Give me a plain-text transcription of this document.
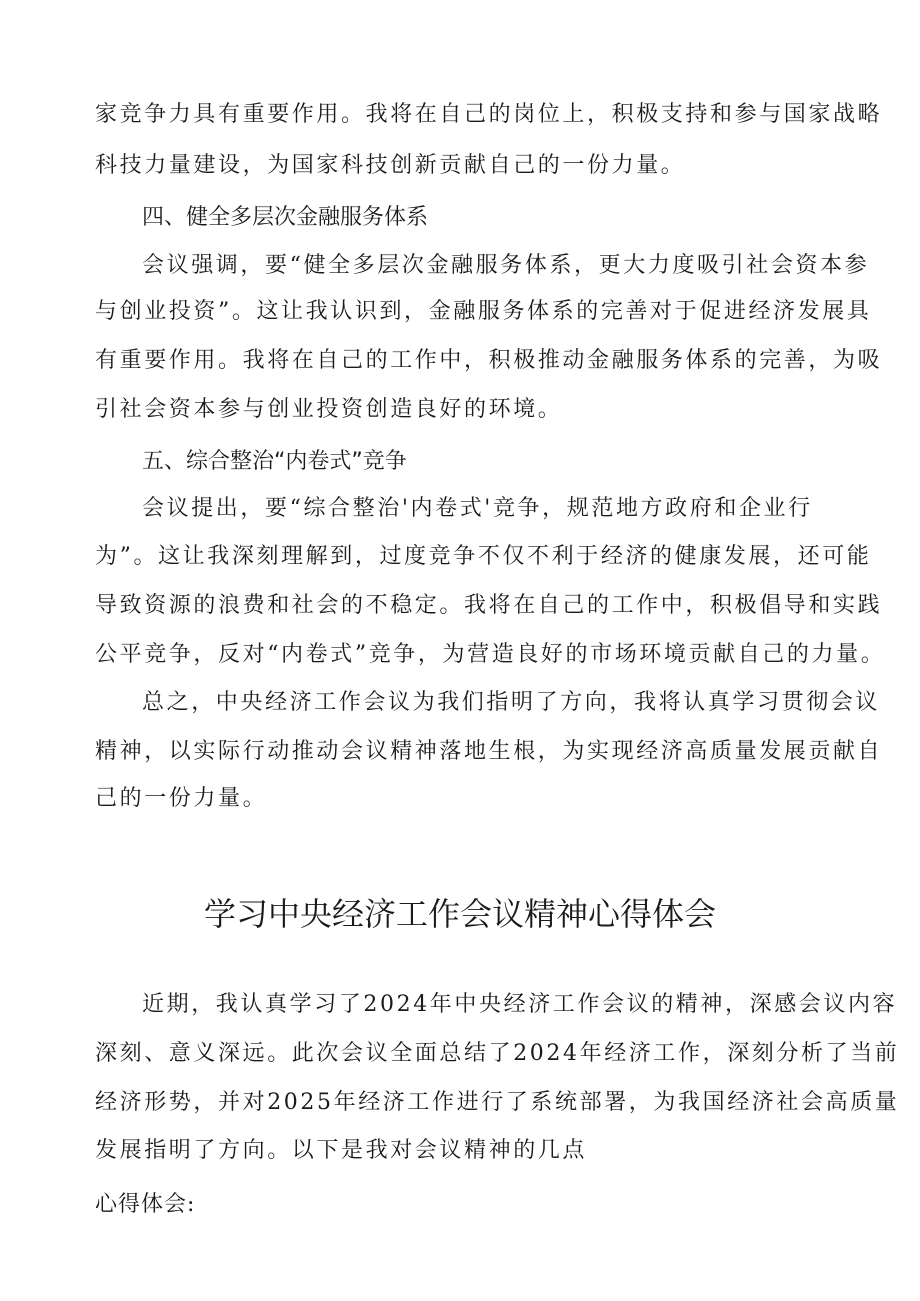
家竞争力具有重要作用。我将在自己的岗位上，积极支持和参与国家战略
科技力量建设，为国家科技创新贡献自己的一份力量。
四、健全多层次金融服务体系
会议强调，要“健全多层次金融服务体系，更大力度吸引社会资本参
与创业投资”。这让我认识到，金融服务体系的完善对于促进经济发展具
有重要作用。我将在自己的工作中，积极推动金融服务体系的完善，为吸
引社会资本参与创业投资创造良好的环境。
五、综合整治“内卷式”竞争
会议提出，要“综合整治'内卷式'竞争，规范地方政府和企业行
为”。这让我深刻理解到，过度竞争不仅不利于经济的健康发展，还可能
导致资源的浪费和社会的不稳定。我将在自己的工作中，积极倡导和实践
公平竞争，反对“内卷式”竞争，为营造良好的市场环境贡献自己的力量。
总之，中央经济工作会议为我们指明了方向，我将认真学习贯彻会议
精神，以实际行动推动会议精神落地生根，为实现经济高质量发展贡献自
己的一份力量。
学习中央经济工作会议精神心得体会
近期，我认真学习了2024年中央经济工作会议的精神，深感会议内容
深刻、意义深远。此次会议全面总结了2024年经济工作，深刻分析了当前
经济形势，并对2025年经济工作进行了系统部署，为我国经济社会高质量
发展指明了方向。以下是我对会议精神的几点
心得体会:
